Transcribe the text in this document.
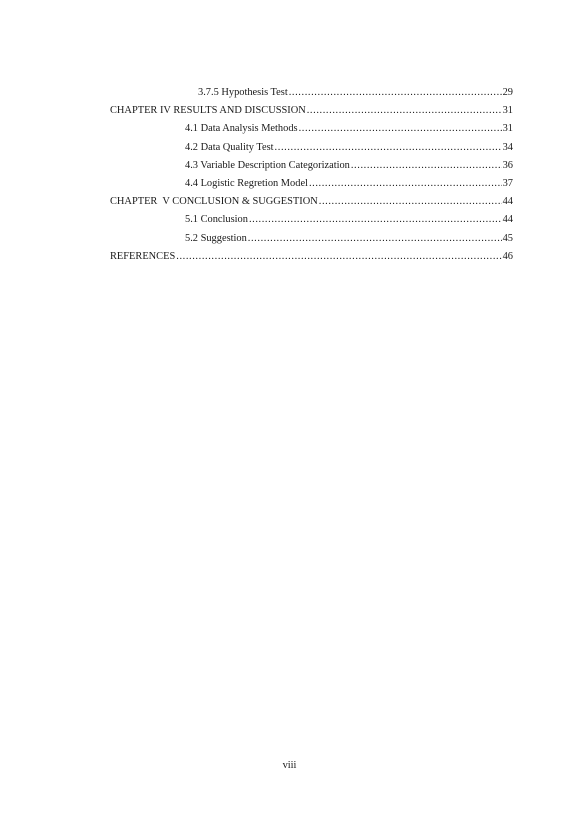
3.7.5 Hypothesis Test .....	29
CHAPTER IV RESULTS AND DISCUSSION .....	31
4.1 Data Analysis Methods .....	31
4.2 Data Quality Test .....	34
4.3 Variable Description Categorization .....	36
4.4 Logistic Regretion Model .....	37
CHAPTER  V CONCLUSION & SUGGESTION .....	44
5.1 Conclusion .....	44
5.2 Suggestion .....	45
REFERENCES .....	46
viii
